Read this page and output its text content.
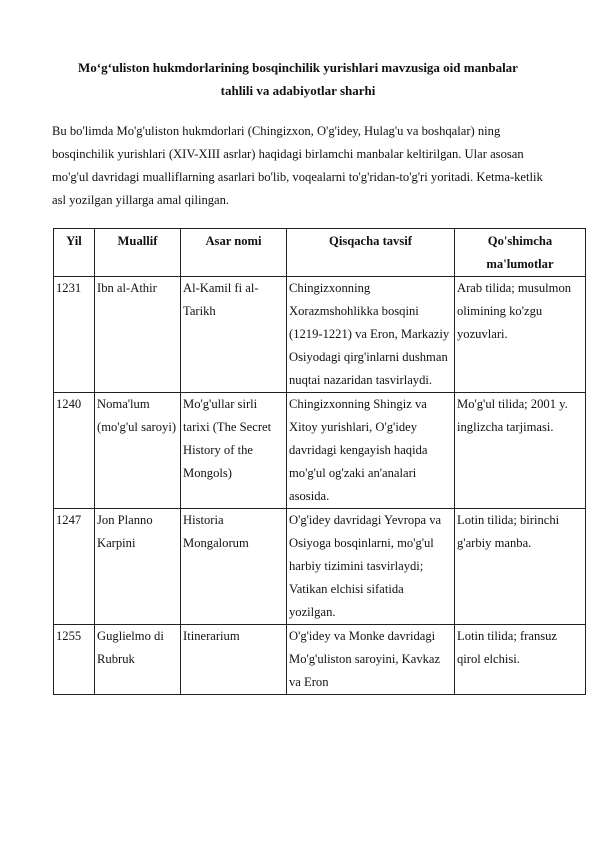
Mo‘g‘uliston hukmdorlarining bosqinchilik yurishlari mavzusiga oid manbalar
tahlili va adabiyotlar sharhi

Bu bo'limda Mo'g'uliston hukmdorlari (Chingizxon, O'g'idey, Hulag'u va boshqalar) ning bosqinchilik yurishlari (XIV-XIII asrlar) haqidagi birlamchi manbalar keltirilgan. Ular asosan mo'g'ul davridagi mualliflarning asarlari bo'lib, voqealarni to'g'ridan-to'g'ri yoritadi. Ketma-ketlik asl yozilgan yillarga amal qilingan.

Yil	Muallif	Asar nomi	Qisqacha tavsif	Qo'shimcha ma'lumotlar
1231	Ibn al-Athir	Al-Kamil fi al-Tarikh	Chingizxonning Xorazmshohlikka bosqini (1219-1221) va Eron, Markaziy Osiyodagi qirg'inlarni dushman nuqtai nazaridan tasvirlaydi.	Arab tilida; musulmon olimining ko'zgu yozuvlari.
1240	Noma'lum (mo'g'ul saroyi)	Mo'g'ullar sirli tarixi (The Secret History of the Mongols)	Chingizxonning Shingiz va Xitoy yurishlari, O'g'idey davridagi kengayish haqida mo'g'ul og'zaki an'analari asosida.	Mo'g'ul tilida; 2001 y. inglizcha tarjimasi.
1247	Jon Planno Karpini	Historia Mongalorum	O'g'idey davridagi Yevropa va Osiyoga bosqinlarni, mo'g'ul harbiy tizimini tasvirlaydi; Vatikan elchisi sifatida yozilgan.	Lotin tilida; birinchi g'arbiy manba.
1255	Guglielmo di Rubruk	Itinerarium	O'g'idey va Monke davridagi Mo'g'uliston saroyini, Kavkaz va Eron	Lotin tilida; fransuz qirol elchisi.
